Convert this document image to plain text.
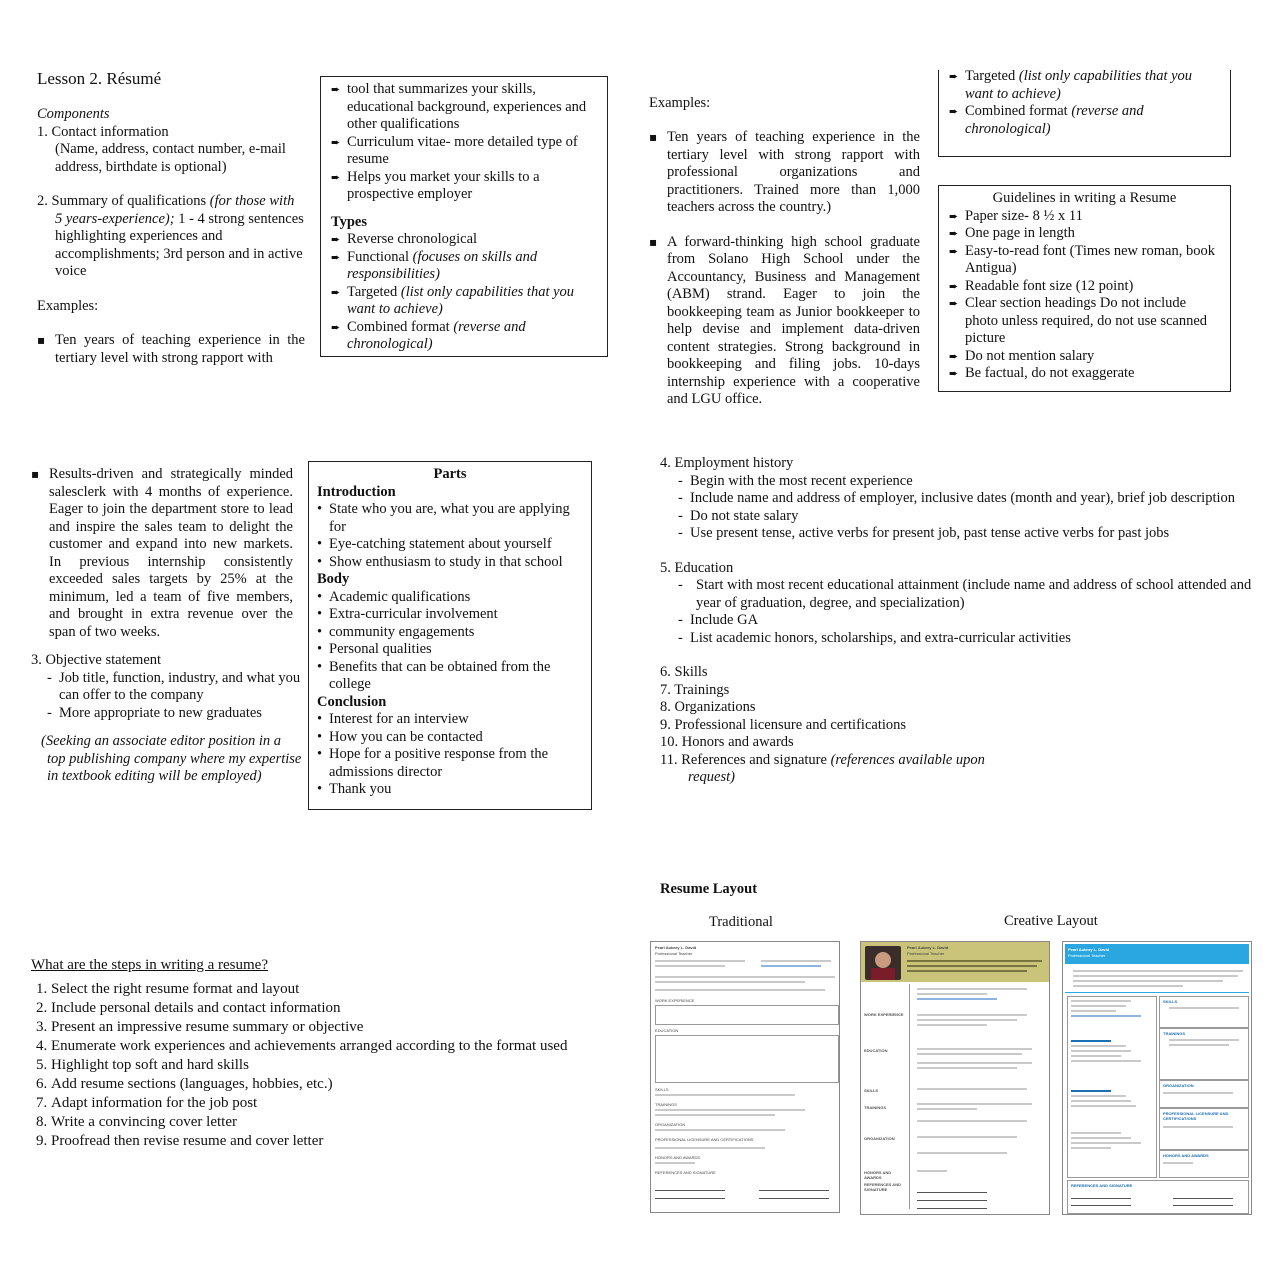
Lesson 2. Résumé
Components
1. Contact information
(Name, address, contact number, e-mail address, birthdate is optional)
2. Summary of qualifications (for those with 5 years-experience); 1 - 4 strong sentences highlighting experiences and accomplishments; 3rd person and in active voice
Examples:
▪ Ten years of teaching experience in the tertiary level with strong rapport with
➨ tool that summarizes your skills, educational background, experiences and other qualifications
➨ Curriculum vitae- more detailed type of resume
➨ Helps you market your skills to a prospective employer
Types
➨ Reverse chronological
➨ Functional (focuses on skills and responsibilities)
➨ Targeted (list only capabilities that you want to achieve)
➨ Combined format (reverse and chronological)
Examples:
▪ Ten years of teaching experience in the tertiary level with strong rapport with professional organizations and practitioners. Trained more than 1,000 teachers across the country.)
▪ A forward-thinking high school graduate from Solano High School under the Accountancy, Business and Management (ABM) strand. Eager to join the bookkeeping team as Junior bookkeeper to help devise and implement data-driven content strategies. Strong background in bookkeeping and filing jobs. 10-days internship experience with a cooperative and LGU office.
➨ Targeted (list only capabilities that you want to achieve)
➨ Combined format (reverse and chronological)
Guidelines in writing a Resume
➨ Paper size- 8 ½ x 11
➨ One page in length
➨ Easy-to-read font (Times new roman, book Antigua)
➨ Readable font size (12 point)
➨ Clear section headings Do not include photo unless required, do not use scanned picture
➨ Do not mention salary
➨ Be factual, do not exaggerate
▪ Results-driven and strategically minded salesclerk with 4 months of experience. Eager to join the department store to lead and inspire the sales team to delight the customer and expand into new markets. In previous internship consistently exceeded sales targets by 25% at the minimum, led a team of five members, and brought in extra revenue over the span of two weeks.
3. Objective statement
- Job title, function, industry, and what you can offer to the company
- More appropriate to new graduates
(Seeking an associate editor position in a top publishing company where my expertise in textbook editing will be employed)
Parts
Introduction
• State who you are, what you are applying for
• Eye-catching statement about yourself
• Show enthusiasm to study in that school
Body
• Academic qualifications
• Extra-curricular involvement
• community engagements
• Personal qualities
• Benefits that can be obtained from the college
Conclusion
• Interest for an interview
• How you can be contacted
• Hope for a positive response from the admissions director
• Thank you
4. Employment history
- Begin with the most recent experience
- Include name and address of employer, inclusive dates (month and year), brief job description
- Do not state salary
- Use present tense, active verbs for present job, past tense active verbs for past jobs
5. Education
- Start with most recent educational attainment (include name and address of school attended and year of graduation, degree, and specialization)
- Include GA
- List academic honors, scholarships, and extra-curricular activities
6. Skills
7. Trainings
8. Organizations
9. Professional licensure and certifications
10. Honors and awards
11. References and signature (references available upon request)
What are the steps in writing a resume?
1. Select the right resume format and layout
2. Include personal details and contact information
3. Present an impressive resume summary or objective
4. Enumerate work experiences and achievements arranged according to the format used
5. Highlight top soft and hard skills
6. Add resume sections (languages, hobbies, etc.)
7. Adapt information for the job post
8. Write a convincing cover letter
9. Proofread then revise resume and cover letter
Resume Layout
Traditional	Creative Layout
Pearl Aubrey L. David
Professional Teacher
WORK EXPERIENCE
EDUCATION
SKILLS
TRAININGS
ORGANIZATION
PROFESSIONAL LICENSURE AND CERTIFICATIONS
HONORS AND AWARDS
REFERENCES AND SIGNATURE
Pearl Aubrey L. David
Professional Teacher
WORK EXPERIENCE
EDUCATION
SKILLS
TRAININGS
ORGANIZATION
HONORS AND AWARDS
REFERENCES AND SIGNATURE
Pearl Aubrey L. David
Professional Teacher
SKILLS
TRAININGS
ORGANIZATION
PROFESSIONAL LICENSURE AND CERTIFICATIONS
HONORS AND AWARDS
REFERENCES AND SIGNATURE
